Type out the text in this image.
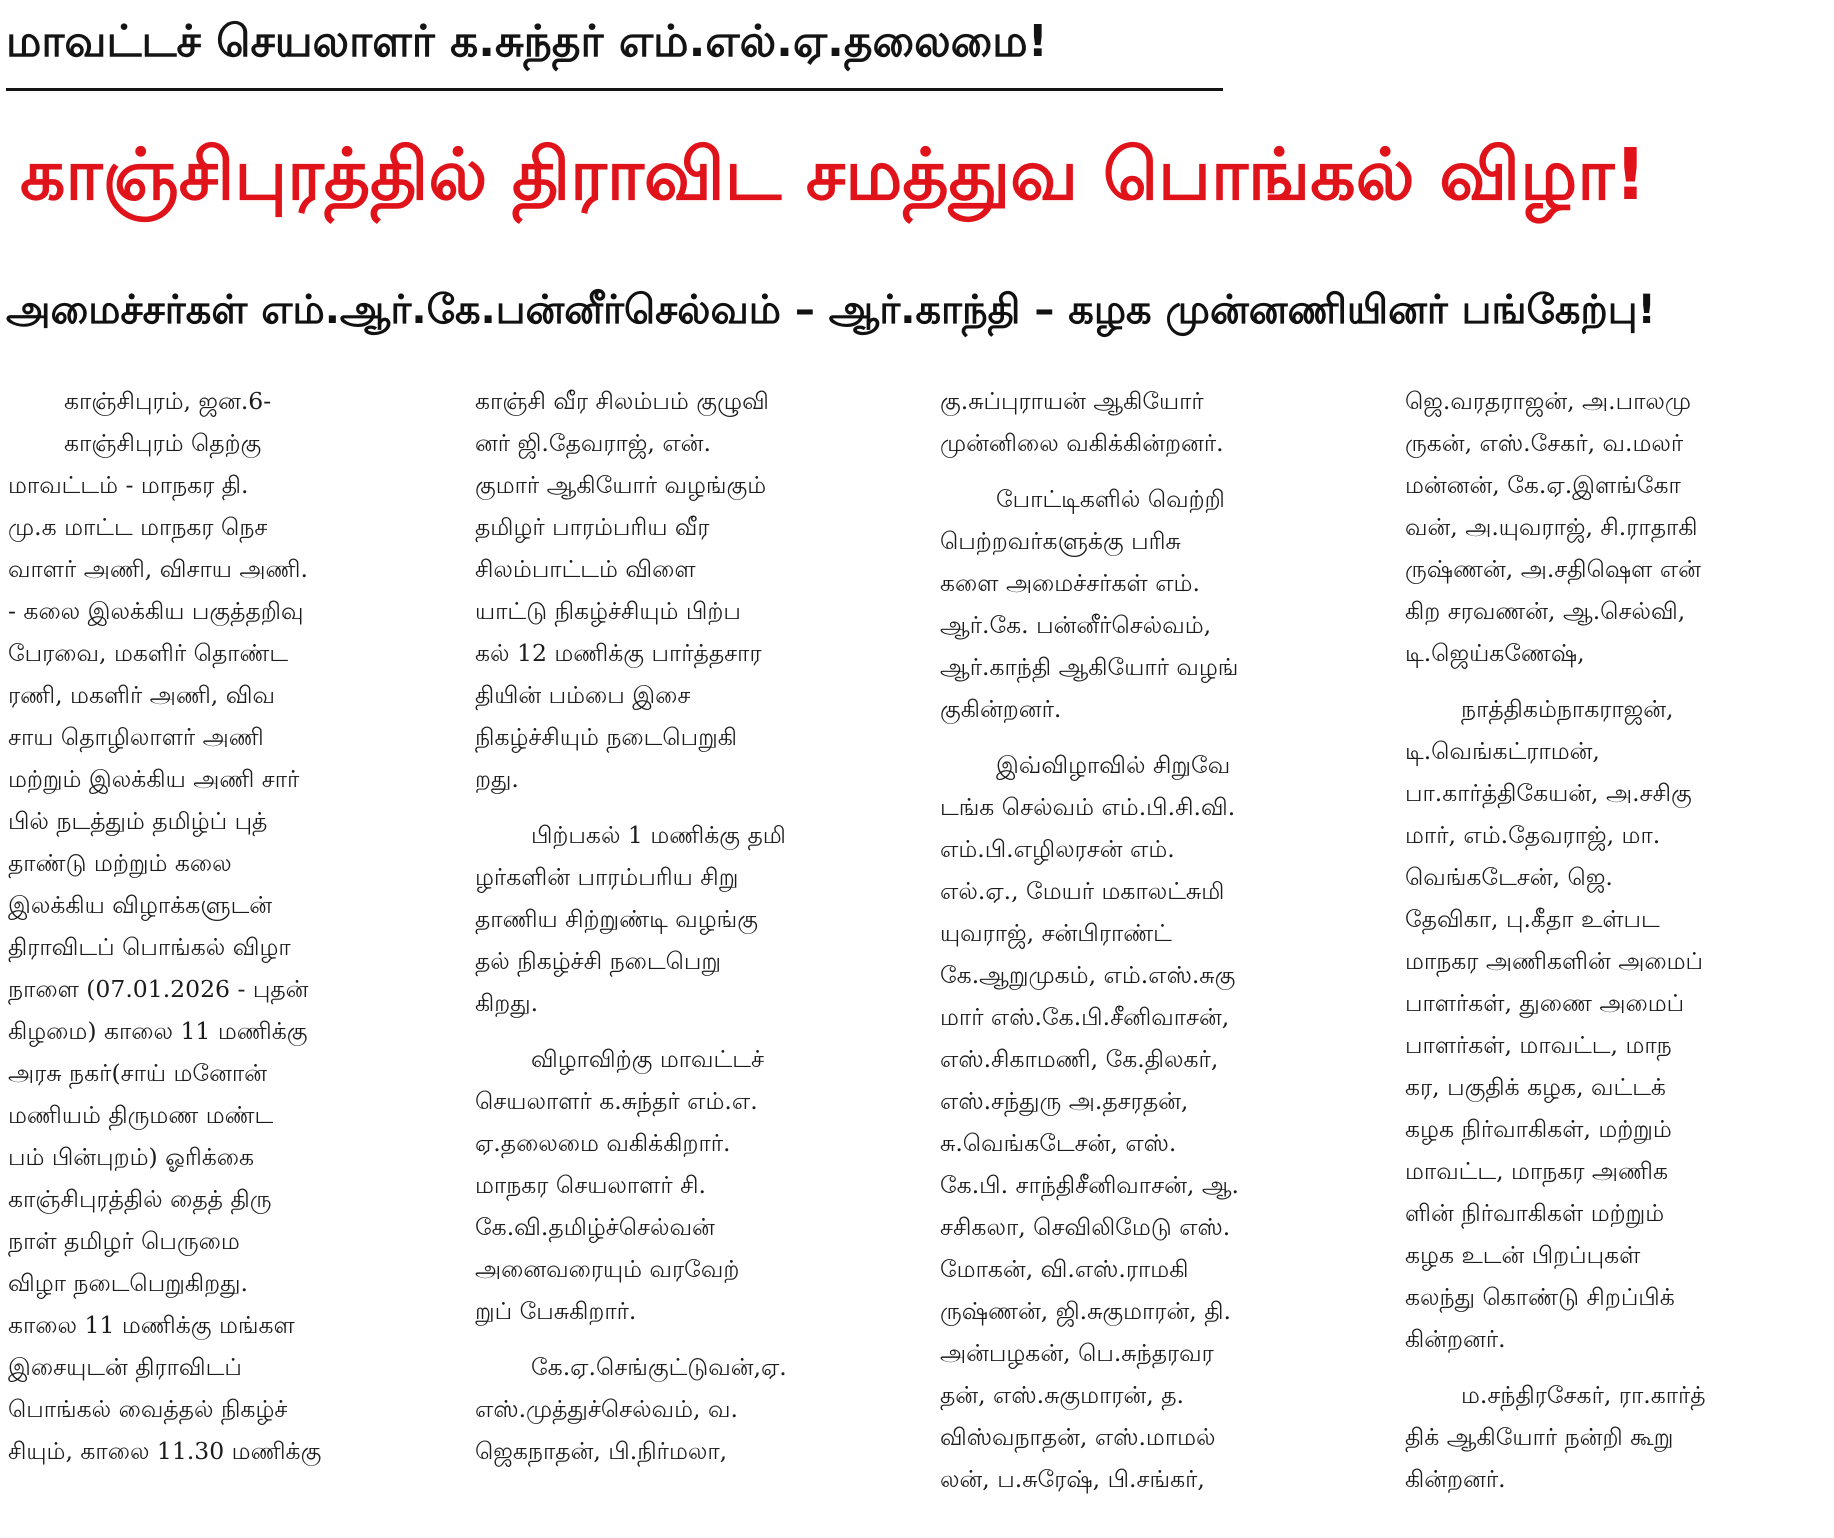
மாவட்டச் செயலாளர் க.சுந்தர் எம்.எல்.ஏ.தலைமை!
காஞ்சிபுரத்தில் திராவிட சமத்துவ பொங்கல் விழா!
அமைச்சர்கள் எம்.ஆர்.கே.பன்னீர்செல்வம் – ஆர்.காந்தி – கழக முன்னணியினர் பங்கேற்பு!
காஞ்சிபுரம், ஜன.6-
காஞ்சிபுரம் தெற்கு
மாவட்டம் - மாநகர தி.
மு.க மாட்ட மாநகர நெச
வாளர் அணி, விசாய அணி.
- கலை இலக்கிய பகுத்தறிவு
பேரவை, மகளிர் தொண்ட
ரணி, மகளிர் அணி, விவ
சாய தொழிலாளர் அணி
மற்றும் இலக்கிய அணி சார்
பில் நடத்தும் தமிழ்ப் புத்
தாண்டு மற்றும் கலை
இலக்கிய விழாக்களுடன்
திராவிடப் பொங்கல் விழா
நாளை (07.01.2026 - புதன்
கிழமை) காலை 11 மணிக்கு
அரசு நகர்(சாய் மனோன்
மணியம் திருமண மண்ட
பம் பின்புறம்) ஓரிக்கை
காஞ்சிபுரத்தில் தைத் திரு
நாள் தமிழர் பெருமை
விழா நடைபெறுகிறது.
காலை 11 மணிக்கு மங்கள
இசையுடன் திராவிடப்
பொங்கல் வைத்தல் நிகழ்ச்
சியும், காலை 11.30 மணிக்கு
காஞ்சி வீர சிலம்பம் குழுவி
னர் ஜி.தேவராஜ், என்.
குமார் ஆகியோர் வழங்கும்
தமிழர் பாரம்பரிய வீர
சிலம்பாட்டம் விளை
யாட்டு நிகழ்ச்சியும் பிற்ப
கல் 12 மணிக்கு பார்த்தசார
தியின் பம்பை இசை
நிகழ்ச்சியும் நடைபெறுகி
றது.
பிற்பகல் 1 மணிக்கு தமி
ழர்களின் பாரம்பரிய சிறு
தாணிய சிற்றுண்டி வழங்கு
தல் நிகழ்ச்சி நடைபெறு
கிறது.
விழாவிற்கு மாவட்டச்
செயலாளர் க.சுந்தர் எம்.எ.
ஏ.தலைமை வகிக்கிறார்.
மாநகர செயலாளர் சி.
கே.வி.தமிழ்ச்செல்வன்
அனைவரையும் வரவேற்
றுப் பேசுகிறார்.
கே.ஏ.செங்குட்டுவன்,ஏ.
எஸ்.முத்துச்செல்வம், வ.
ஜெகநாதன், பி.நிர்மலா,
கு.சுப்புராயன் ஆகியோர்
முன்னிலை வகிக்கின்றனர்.
போட்டிகளில் வெற்றி
பெற்றவர்களுக்கு பரிசு
களை அமைச்சர்கள் எம்.
ஆர்.கே. பன்னீர்செல்வம்,
ஆர்.காந்தி ஆகியோர் வழங்
குகின்றனர்.
இவ்விழாவில் சிறுவே
டங்க செல்வம் எம்.பி.சி.வி.
எம்.பி.எழிலரசன் எம்.
எல்.ஏ., மேயர் மகாலட்சுமி
யுவராஜ், சன்பிராண்ட்
கே.ஆறுமுகம், எம்.எஸ்.சுகு
மார் எஸ்.கே.பி.சீனிவாசன்,
எஸ்.சிகாமணி, கே.திலகர்,
எஸ்.சந்துரு அ.தசரதன்,
சு.வெங்கடேசன், எஸ்.
கே.பி. சாந்திசீனிவாசன், ஆ.
சசிகலா, செவிலிமேடு எஸ்.
மோகன், வி.எஸ்.ராமகி
ருஷ்ணன், ஜி.சுகுமாரன், தி.
அன்பழகன், பெ.சுந்தரவர
தன், எஸ்.சுகுமாரன், த.
விஸ்வநாதன், எஸ்.மாமல்
லன், ப.சுரேஷ், பி.சங்கர்,
ஜெ.வரதராஜன், அ.பாலமு
ருகன், எஸ்.சேகர், வ.மலர்
மன்னன், கே.ஏ.இளங்கோ
வன், அ.யுவராஜ், சி.ராதாகி
ருஷ்ணன், அ.சதிஷெள என்
கிற சரவணன், ஆ.செல்வி,
டி.ஜெய்கணேஷ்,
நாத்திகம்நாகராஜன்,
டி.வெங்கட்ராமன்,
பா.கார்த்திகேயன், அ.சசிகு
மார், எம்.தேவராஜ், மா.
வெங்கடேசன், ஜெ.
தேவிகா, பு.கீதா உள்பட
மாநகர அணிகளின் அமைப்
பாளர்கள், துணை அமைப்
பாளர்கள், மாவட்ட, மாந
கர, பகுதிக் கழக, வட்டக்
கழக நிர்வாகிகள், மற்றும்
மாவட்ட, மாநகர அணிக
ளின் நிர்வாகிகள் மற்றும்
கழக உடன் பிறப்புகள்
கலந்து கொண்டு சிறப்பிக்
கின்றனர்.
ம.சந்திரசேகர், ரா.கார்த்
திக் ஆகியோர் நன்றி கூறு
கின்றனர்.
